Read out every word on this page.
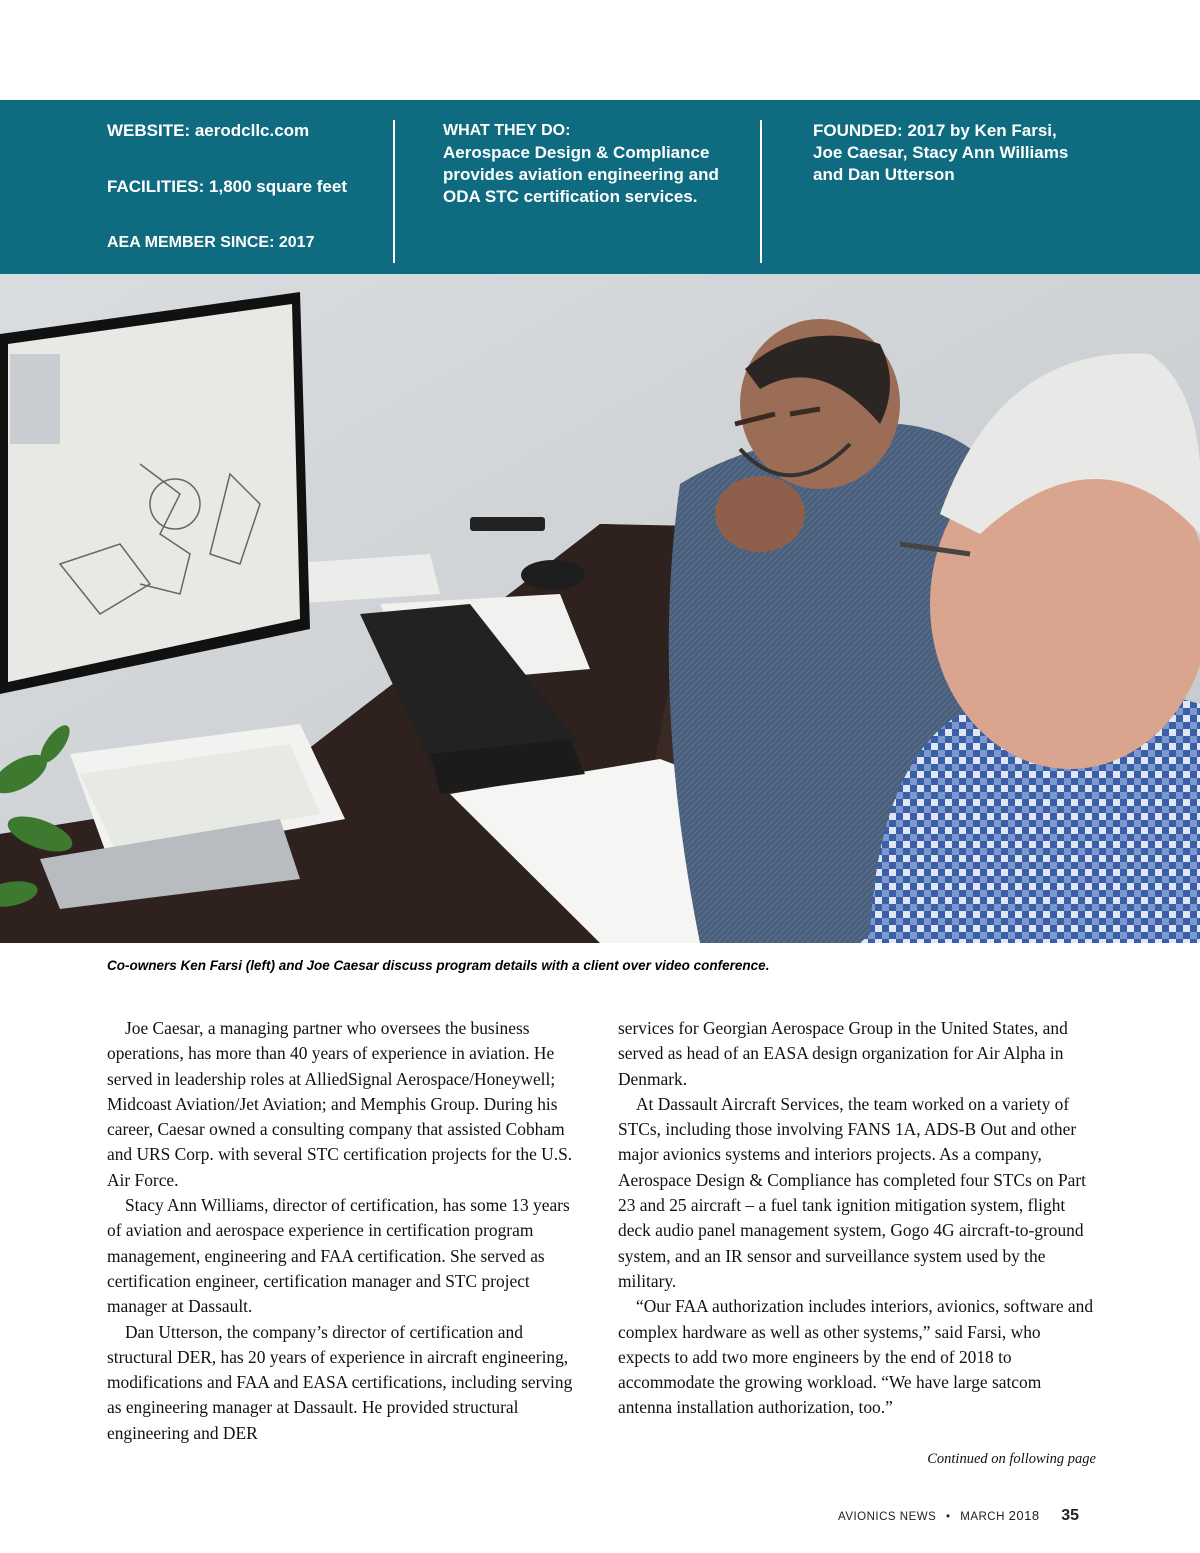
WEBSITE: aerodcllc.com
FACILITIES: 1,800 square feet
AEA MEMBER SINCE: 2017
WHAT THEY DO:
Aerospace Design & Compliance provides aviation engineering and ODA STC certification services.
FOUNDED: 2017 by Ken Farsi, Joe Caesar, Stacy Ann Williams and Dan Utterson
Co-owners Ken Farsi (left) and Joe Caesar discuss program details with a client over video conference.

Joe Caesar, a managing partner who oversees the business operations, has more than 40 years of experience in aviation. He served in leadership roles at AlliedSignal Aerospace/Honeywell; Midcoast Aviation/Jet Aviation; and Memphis Group. During his career, Caesar owned a consulting company that assisted Cobham and URS Corp. with several STC certification projects for the U.S. Air Force.

Stacy Ann Williams, director of certification, has some 13 years of aviation and aerospace experience in certification program management, engineering and FAA certification. She served as certification engineer, certification manager and STC project manager at Dassault.

Dan Utterson, the company’s director of certification and structural DER, has 20 years of experience in aircraft engineering, modifications and FAA and EASA certifications, including serving as engineering manager at Dassault. He provided structural engineering and DER

services for Georgian Aerospace Group in the United States, and served as head of an EASA design organization for Air Alpha in Denmark.

At Dassault Aircraft Services, the team worked on a variety of STCs, including those involving FANS 1A, ADS-B Out and other major avionics systems and interiors projects. As a company, Aerospace Design & Compliance has completed four STCs on Part 23 and 25 aircraft – a fuel tank ignition mitigation system, flight deck audio panel management system, Gogo 4G aircraft-to-ground system, and an IR sensor and surveillance system used by the military.

“Our FAA authorization includes interiors, avionics, software and complex hardware as well as other systems,” said Farsi, who expects to add two more engineers by the end of 2018 to accommodate the growing workload. “We have large satcom antenna installation authorization, too.”

Continued on following page
AVIONICS NEWS • MARCH 2018 35
